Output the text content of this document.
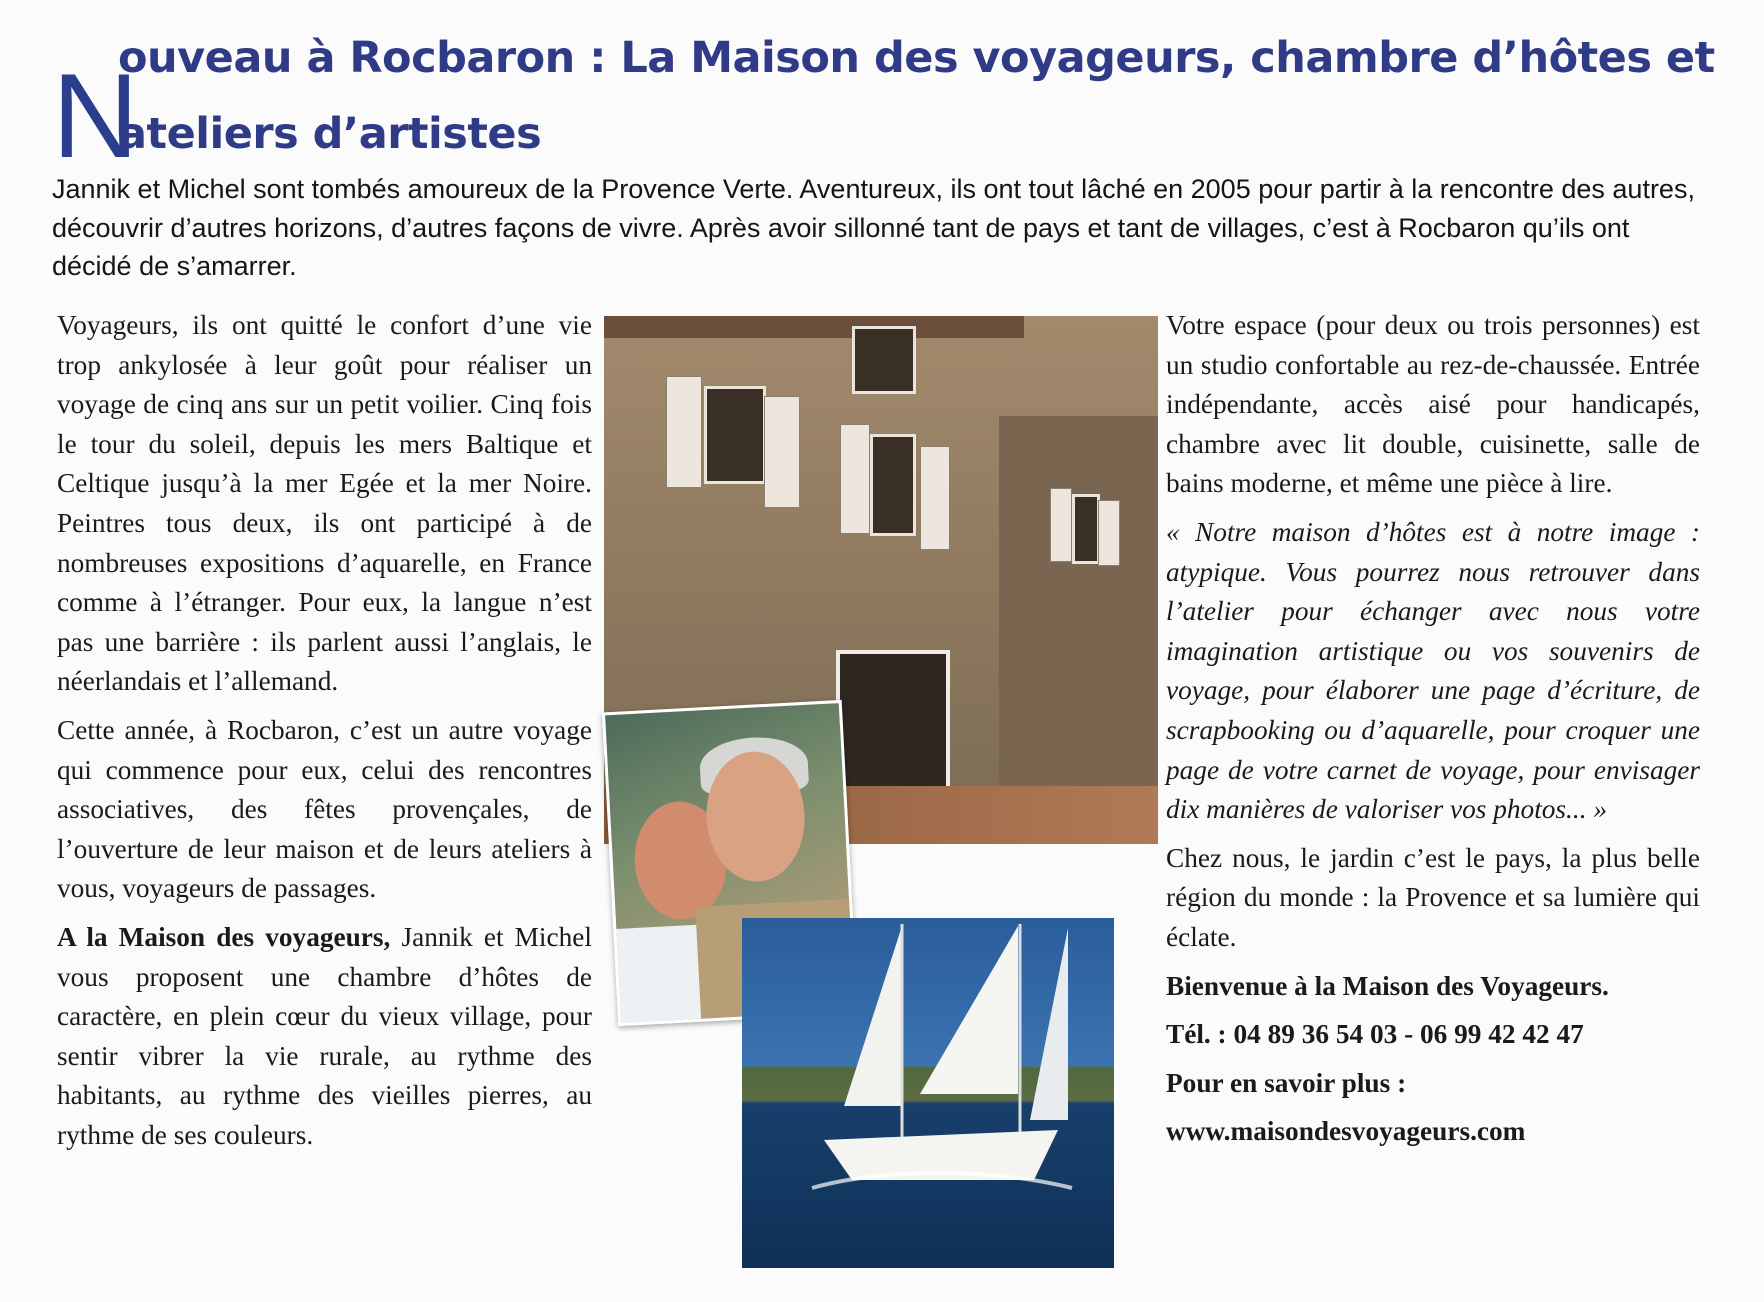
N
ouveau à Rocbaron : La Maison des voyageurs, chambre d’hôtes et ateliers d’artistes

Jannik et Michel sont tombés amoureux de la Provence Verte. Aventureux, ils ont tout lâché en 2005 pour partir à la rencontre des autres, découvrir d’autres horizons, d’autres façons de vivre. Après avoir sillonné tant de pays et tant de villages, c’est à Rocbaron qu’ils ont décidé de s’amarrer.

Voyageurs, ils ont quitté le confort d’une vie trop ankylosée à leur goût pour réaliser un voyage de cinq ans sur un petit voilier. Cinq fois le tour du soleil, depuis les mers Baltique et Celtique jusqu’à la mer Egée et la mer Noire. Peintres tous deux, ils ont participé à de nombreuses expositions d’aquarelle, en France comme à l’étranger. Pour eux, la langue n’est pas une barrière : ils parlent aussi l’anglais, le néerlandais et l’allemand.

Cette année, à Rocbaron, c’est un autre voyage qui commence pour eux, celui des rencontres associatives, des fêtes provençales, de l’ouverture de leur maison et de leurs ateliers à vous, voyageurs de passages.

A la Maison des voyageurs, Jannik et Michel vous proposent une chambre d’hôtes de caractère, en plein cœur du vieux village, pour sentir vibrer la vie rurale, au rythme des habitants, au rythme des vieilles pierres, au rythme de ses couleurs.

Votre espace (pour deux ou trois personnes) est un studio confortable au rez-de-chaussée. Entrée indépendante, accès aisé pour handicapés, chambre avec lit double, cuisinette, salle de bains moderne, et même une pièce à lire.

« Notre maison d’hôtes est à notre image : atypique. Vous pourrez nous retrouver dans l’atelier pour échanger avec nous votre imagination artistique ou vos souvenirs de voyage, pour élaborer une page d’écriture, de scrapbooking ou d’aquarelle, pour croquer une page de votre carnet de voyage, pour envisager dix manières de valoriser vos photos... »

Chez nous, le jardin c’est le pays, la plus belle région du monde : la Provence et sa lumière qui éclate.

Bienvenue à la Maison des Voyageurs.

Tél. : 04 89 36 54 03 - 06 99 42 42 47

Pour en savoir plus :

www.maisondesvoyageurs.com
